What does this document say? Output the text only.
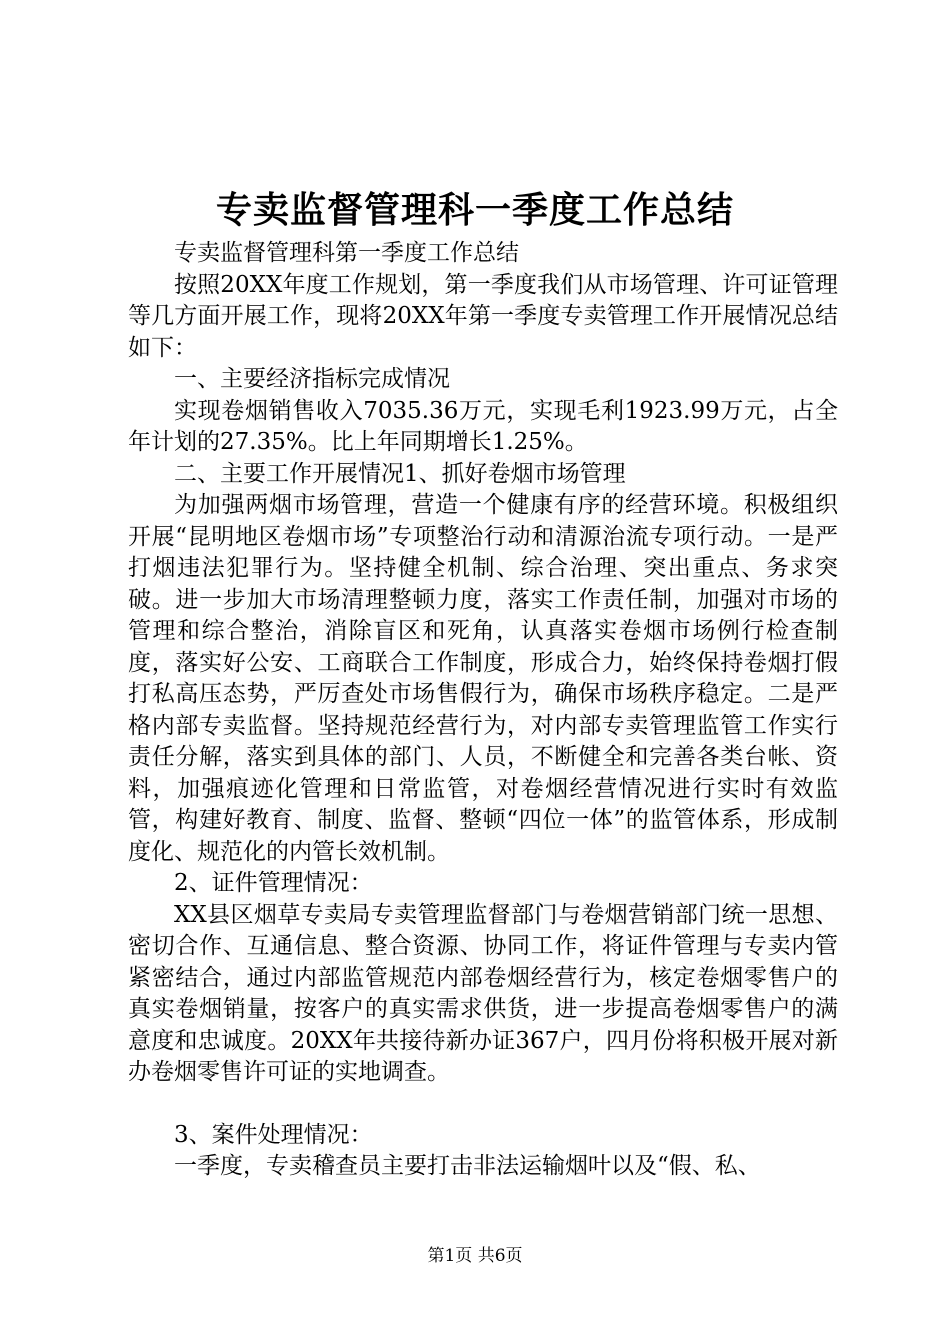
专卖监督管理科一季度工作总结

专卖监督管理科第一季度工作总结

按照20XX年度工作规划，第一季度我们从市场管理、许可证管理等几方面开展工作，现将20XX年第一季度专卖管理工作开展情况总结如下：

一、主要经济指标完成情况

实现卷烟销售收入7035.36万元，实现毛利1923.99万元，占全年计划的27.35%。比上年同期增长1.25%。

二、主要工作开展情况1、抓好卷烟市场管理

为加强两烟市场管理，营造一个健康有序的经营环境。积极组织开展“昆明地区卷烟市场”专项整治行动和清源治流专项行动。一是严打烟违法犯罪行为。坚持健全机制、综合治理、突出重点、务求突破。进一步加大市场清理整顿力度，落实工作责任制，加强对市场的管理和综合整治，消除盲区和死角，认真落实卷烟市场例行检查制度，落实好公安、工商联合工作制度，形成合力，始终保持卷烟打假打私高压态势，严厉查处市场售假行为，确保市场秩序稳定。二是严格内部专卖监督。坚持规范经营行为，对内部专卖管理监管工作实行责任分解，落实到具体的部门、人员，不断健全和完善各类台帐、资料，加强痕迹化管理和日常监管，对卷烟经营情况进行实时有效监管，构建好教育、制度、监督、整顿“四位一体”的监管体系，形成制度化、规范化的内管长效机制。

2、证件管理情况：

XX县区烟草专卖局专卖管理监督部门与卷烟营销部门统一思想、密切合作、互通信息、整合资源、协同工作，将证件管理与专卖内管紧密结合，通过内部监管规范内部卷烟经营行为，核定卷烟零售户的真实卷烟销量，按客户的真实需求供货，进一步提高卷烟零售户的满意度和忠诚度。20XX年共接待新办证367户，四月份将积极开展对新办卷烟零售许可证的实地调查。

3、案件处理情况：

一季度，专卖稽查员主要打击非法运输烟叶以及“假、私、

第1页 共6页
